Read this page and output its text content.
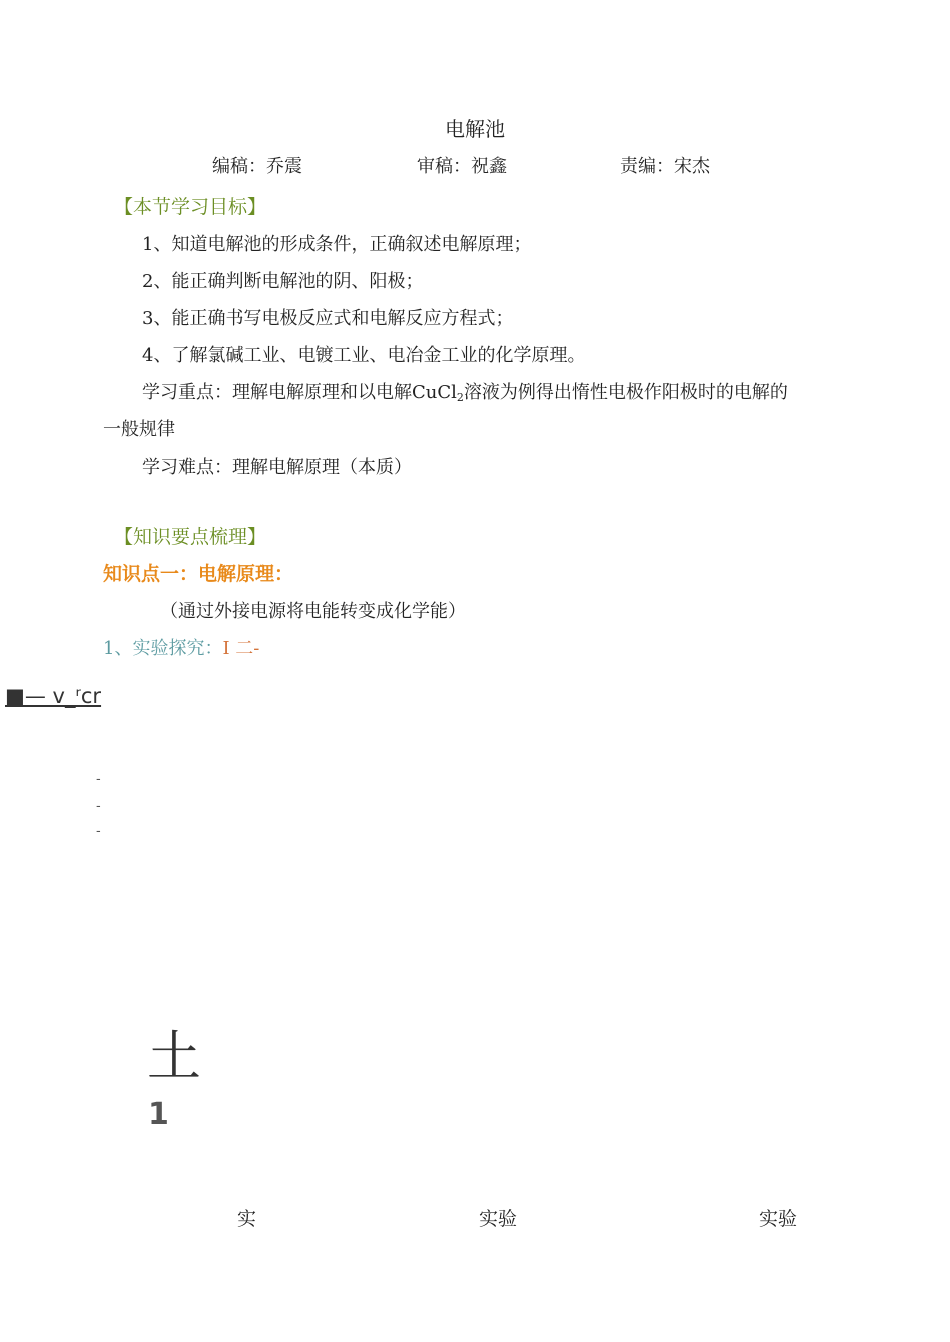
电解池
编稿：乔震	审稿：祝鑫	责编：宋杰
【本节学习目标】
1、知道电解池的形成条件，正确叙述电解原理；
2、能正确判断电解池的阴、阳极；
3、能正确书写电极反应式和电解反应方程式；
4、了解氯碱工业、电镀工业、电冶金工业的化学原理。
学习重点：理解电解原理和以电解CuCl$_2$溶液为例得出惰性电极作阳极时的电解的
一般规律
学习难点：理解电解原理（本质）
【知识要点梳理】
知识点一：电解原理：
（通过外接电源将电能转变成化学能）
1、实验探究：I 二-
■— v_ʳcr
-
-
-
土
1
实	实验	实验
